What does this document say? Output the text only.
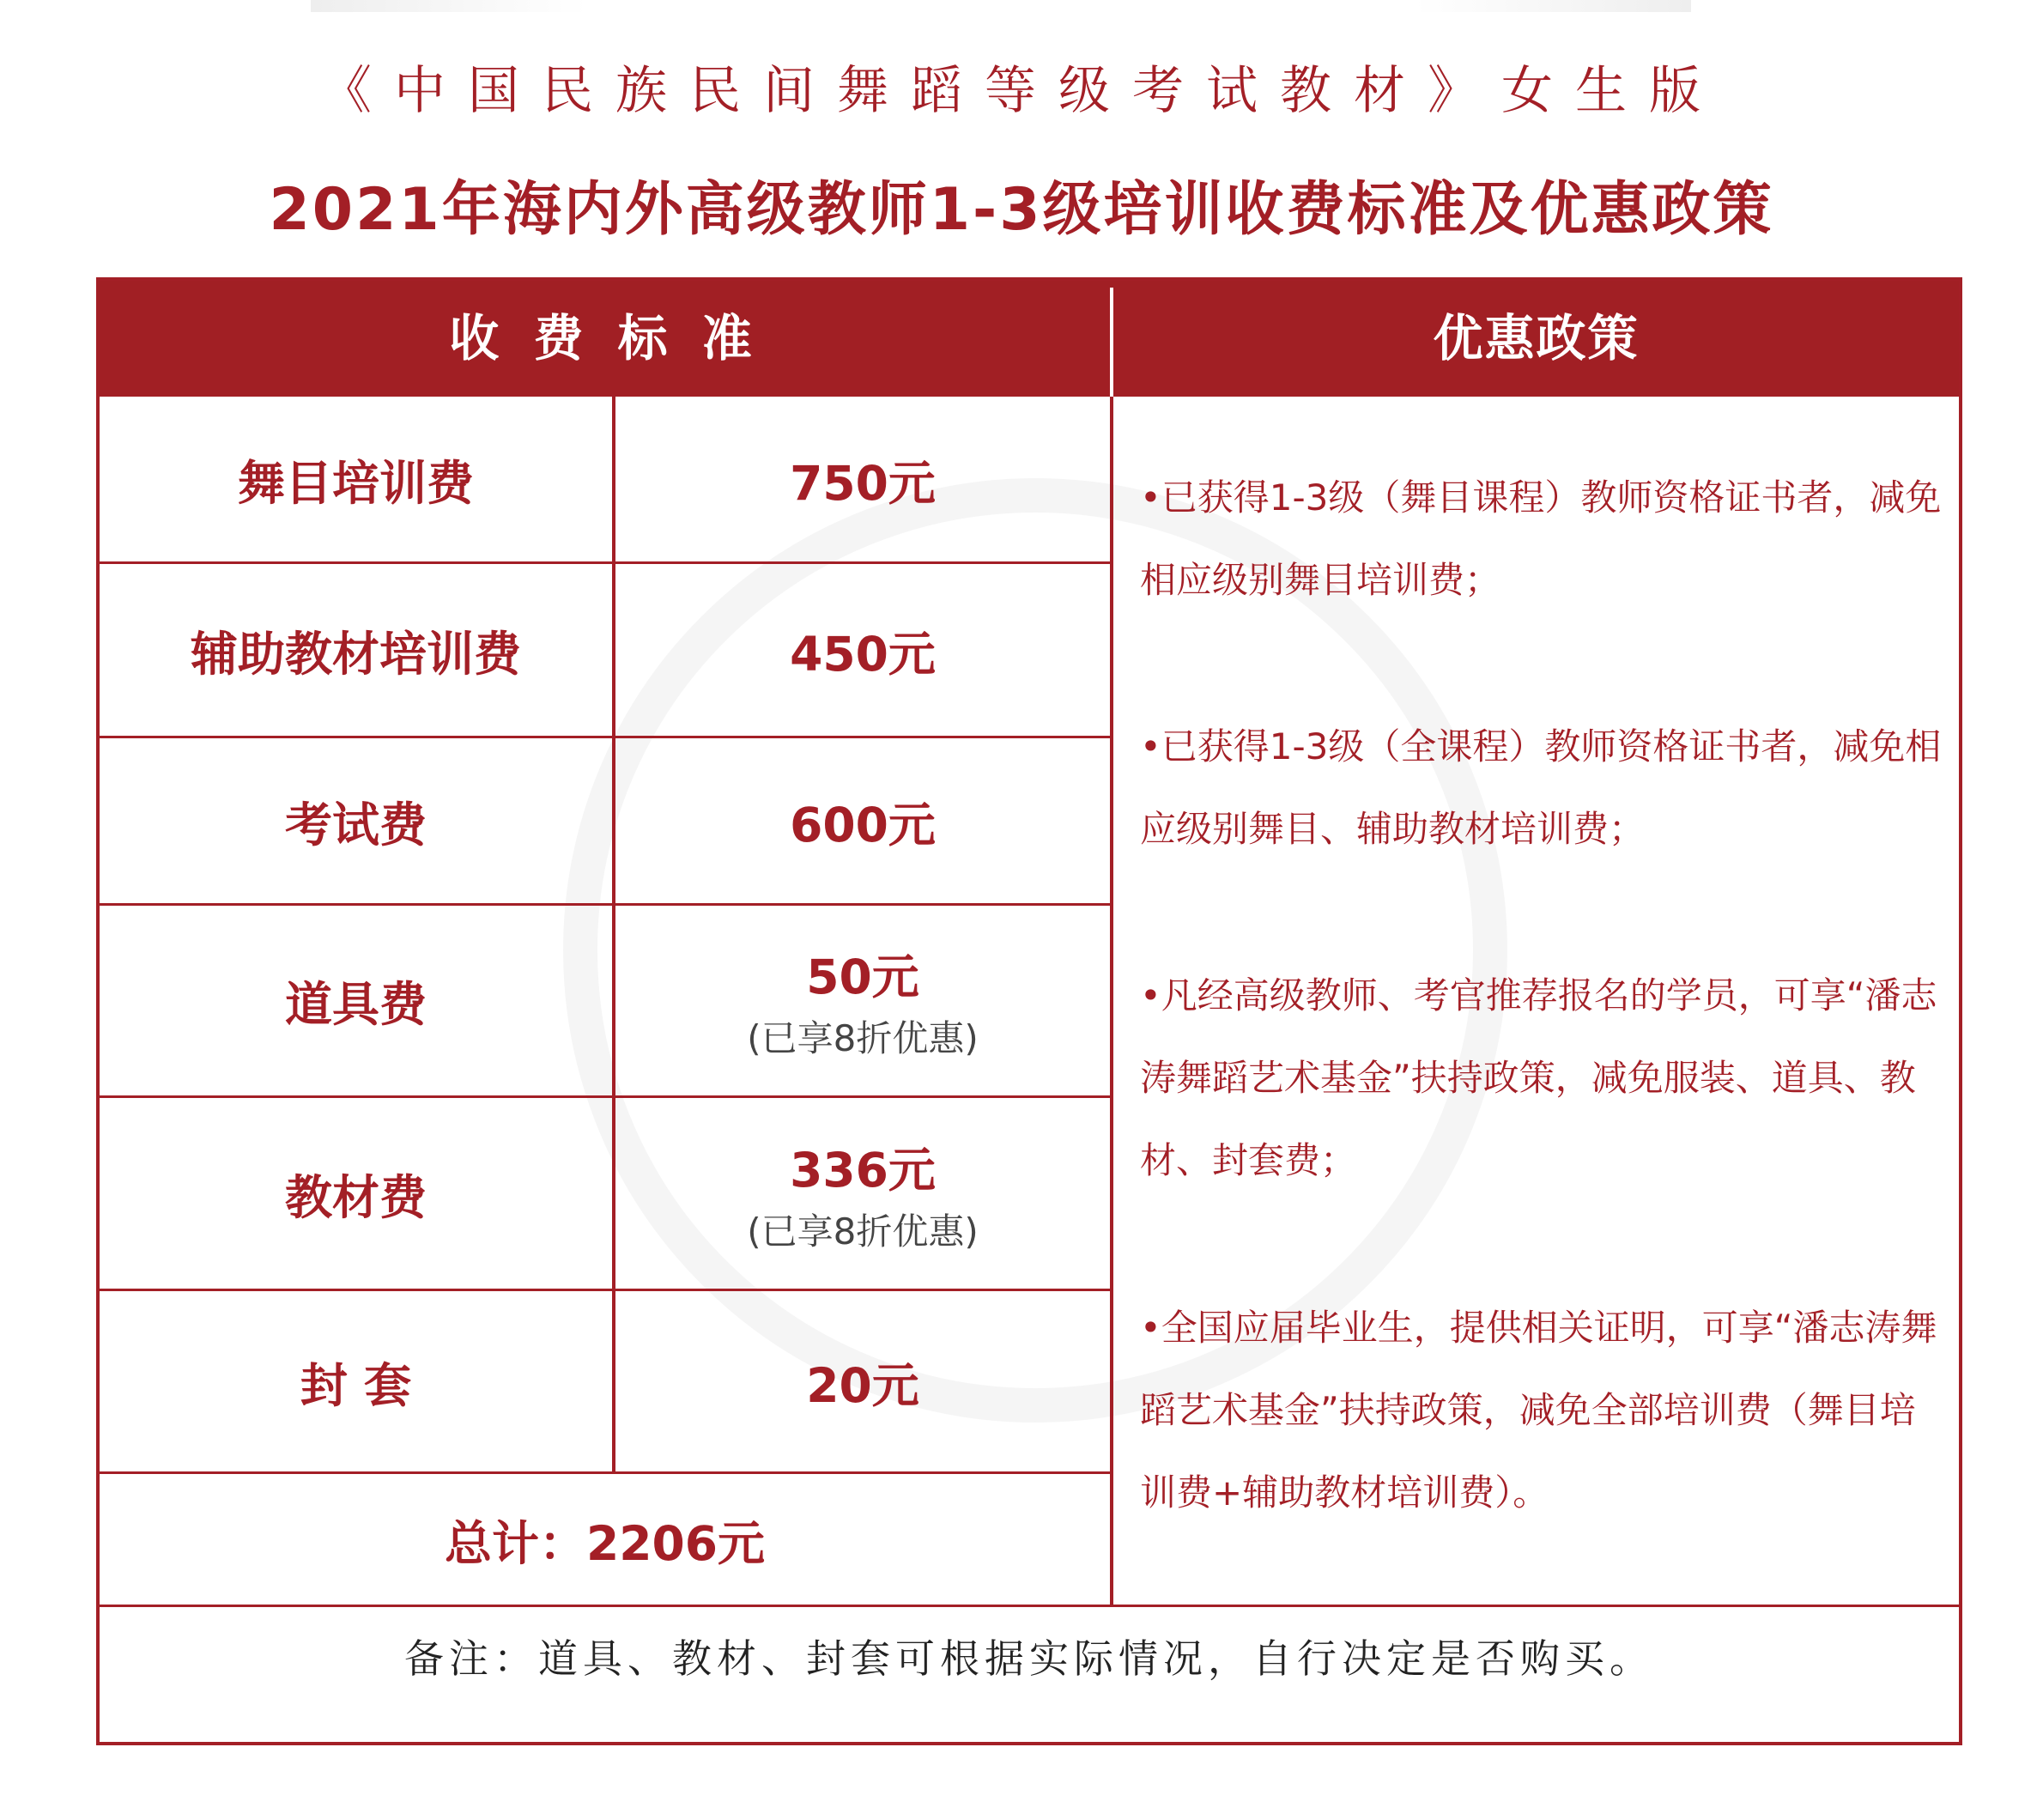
《中国民族民间舞蹈等级考试教材》女生版
2021年海内外高级教师1-3级培训收费标准及优惠政策
收 费 标 准	优惠政策
舞目培训费	750元
辅助教材培训费	450元
考试费	600元
道具费	50元
(已享8折优惠)
教材费	336元
(已享8折优惠)
封 套	20元
总计：2206元
•已获得1-3级（舞目课程）教师资格证书者，减免相应级别舞目培训费；
•已获得1-3级（全课程）教师资格证书者，减免相应级别舞目、辅助教材培训费；
•凡经高级教师、考官推荐报名的学员，可享“潘志涛舞蹈艺术基金”扶持政策，减免服装、道具、教材、封套费；
•全国应届毕业生，提供相关证明，可享“潘志涛舞蹈艺术基金”扶持政策，减免全部培训费（舞目培训费+辅助教材培训费）。
备注：道具、教材、封套可根据实际情况，自行决定是否购买。
